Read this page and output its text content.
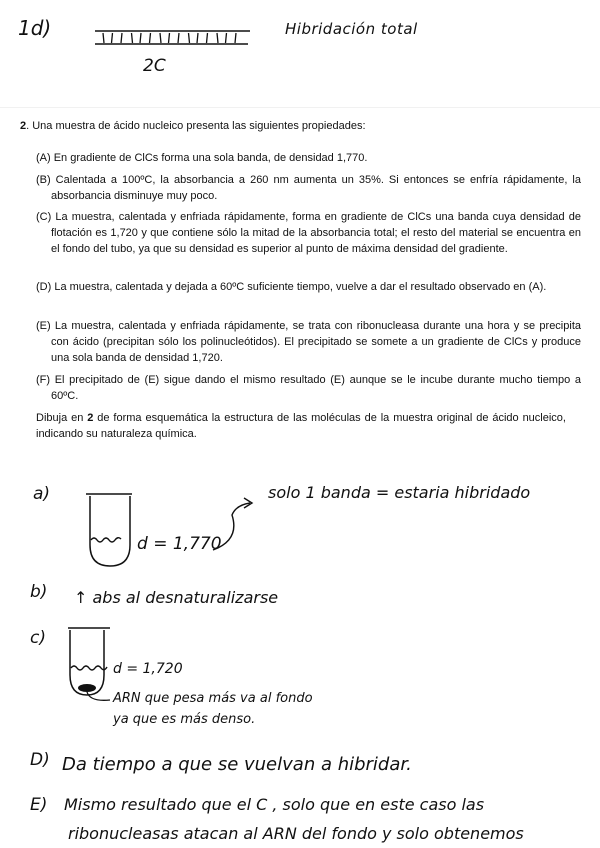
1d)	Hibridación total
2C
2. Una muestra de ácido nucleico presenta las siguientes propiedades:
(A) En gradiente de ClCs forma una sola banda, de densidad 1,770.
(B) Calentada a 100ºC, la absorbancia a 260 nm aumenta un 35%. Si entonces se enfría rápidamente, la absorbancia disminuye muy poco.
(C) La muestra, calentada y enfriada rápidamente, forma en gradiente de ClCs una banda cuya densidad de flotación es 1,720 y que contiene sólo la mitad de la absorbancia total; el resto del material se encuentra en el fondo del tubo, ya que su densidad es superior al punto de máxima densidad del gradiente.
(D) La muestra, calentada y dejada a 60ºC suficiente tiempo, vuelve a dar el resultado observado en (A).
(E) La muestra, calentada y enfriada rápidamente, se trata con ribonucleasa durante una hora y se precipita con ácido (precipitan sólo los polinucleótidos). El precipitado se somete a un gradiente de ClCs y produce una sola banda de densidad 1,720.
(F) El precipitado de (E) sigue dando el mismo resultado (E) aunque se le incube durante mucho tiempo a 60ºC.
Dibuja en 2 de forma esquemática la estructura de las moléculas de la muestra original de ácido nucleico, indicando su naturaleza química.
a)
d = 1,770
solo 1 banda = estaria hibridado
b) ↑ abs al desnaturalizarse
c)
d = 1,720
ARN que pesa más va al fondo
ya que es más denso.
D) Da tiempo a que se vuelvan a hibridar.
E) Mismo resultado que el C , solo que en este caso las
ribonucleasas atacan al ARN del fondo y solo obtenemos
